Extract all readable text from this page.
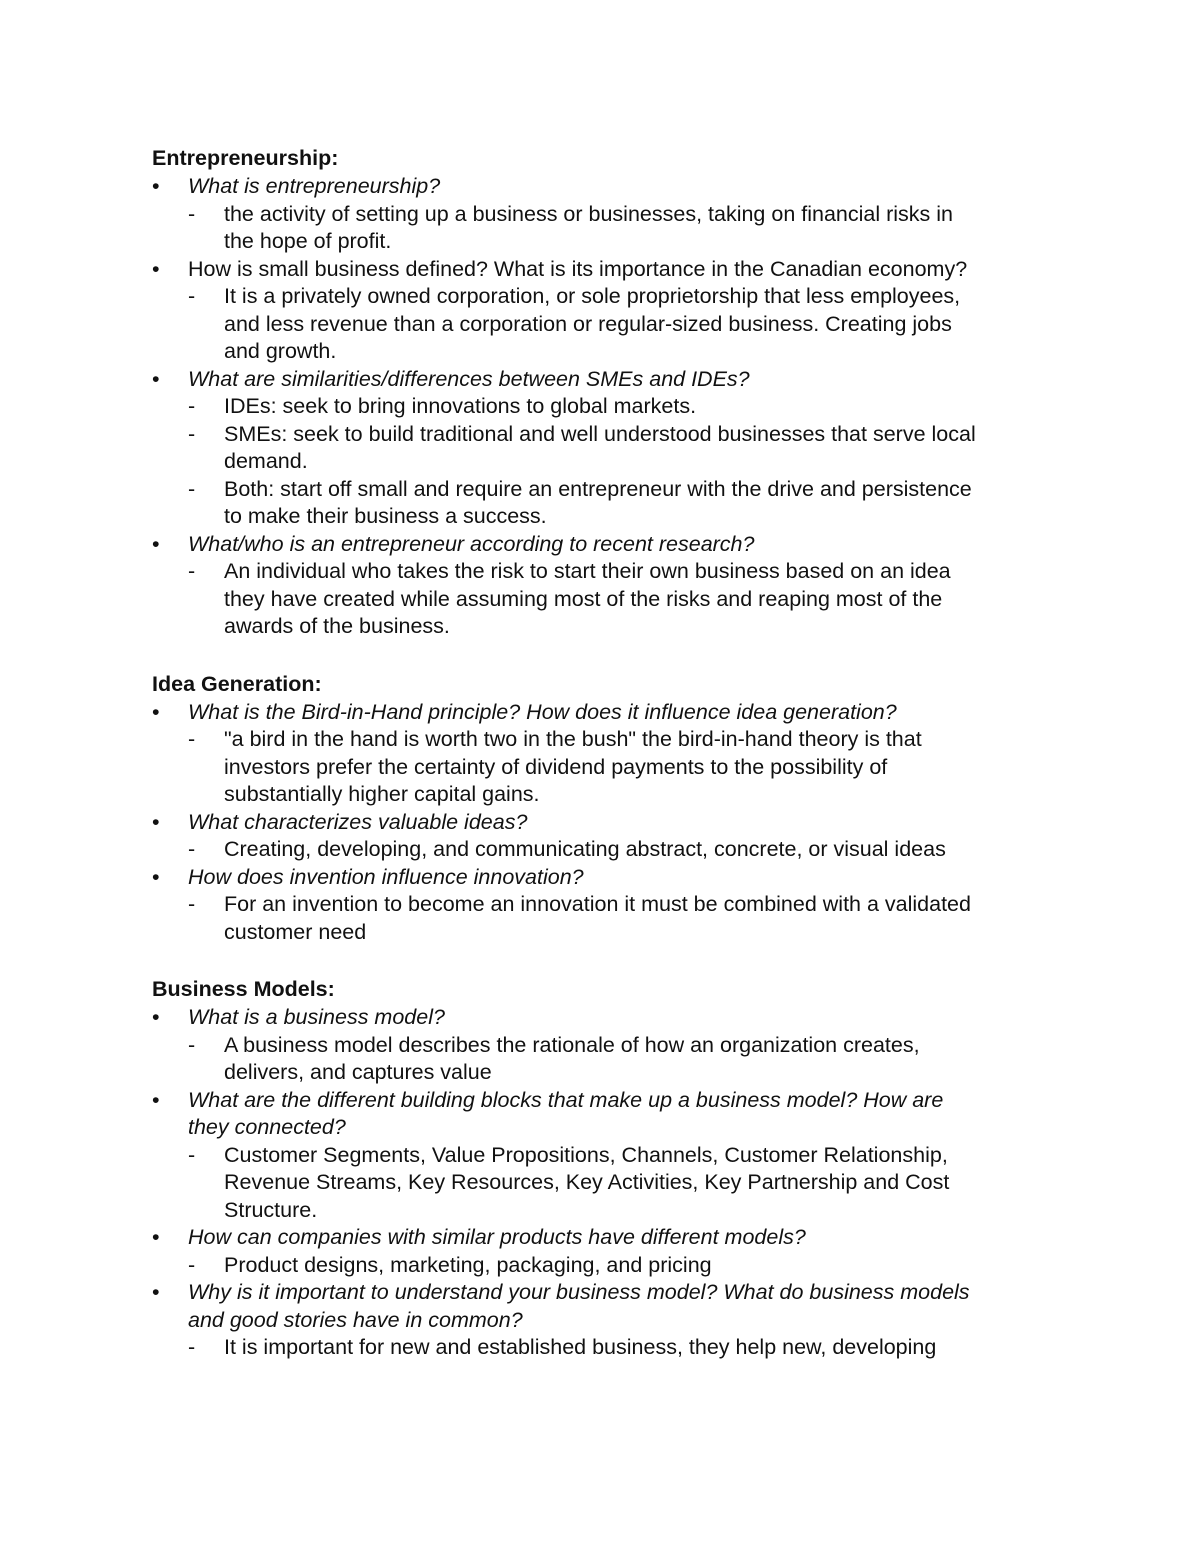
Entrepreneurship:
•	What is entrepreneurship?
-	the activity of setting up a business or businesses, taking on financial risks in
the hope of profit.
•	How is small business defined? What is its importance in the Canadian economy?
-	It is a privately owned corporation, or sole proprietorship that less employees,
and less revenue than a corporation or regular-sized business. Creating jobs
and growth.
•	What are similarities/differences between SMEs and IDEs?
-	IDEs: seek to bring innovations to global markets.
-	SMEs: seek to build traditional and well understood businesses that serve local
demand.
-	Both: start off small and require an entrepreneur with the drive and persistence
to make their business a success.
•	What/who is an entrepreneur according to recent research?
-	An individual who takes the risk to start their own business based on an idea
they have created while assuming most of the risks and reaping most of the
awards of the business.
Idea Generation:
•	What is the Bird-in-Hand principle? How does it influence idea generation?
-	"a bird in the hand is worth two in the bush" the bird-in-hand theory is that
investors prefer the certainty of dividend payments to the possibility of
substantially higher capital gains.
•	What characterizes valuable ideas?
-	Creating, developing, and communicating abstract, concrete, or visual ideas
•	How does invention influence innovation?
-	For an invention to become an innovation it must be combined with a validated
customer need
Business Models:
•	What is a business model?
-	A business model describes the rationale of how an organization creates,
delivers, and captures value
•	What are the different building blocks that make up a business model? How are
they connected?
-	Customer Segments, Value Propositions, Channels, Customer Relationship,
Revenue Streams, Key Resources, Key Activities, Key Partnership and Cost
Structure.
•	How can companies with similar products have different models?
-	Product designs, marketing, packaging, and pricing
•	Why is it important to understand your business model? What do business models
and good stories have in common?
-	It is important for new and established business, they help new, developing
